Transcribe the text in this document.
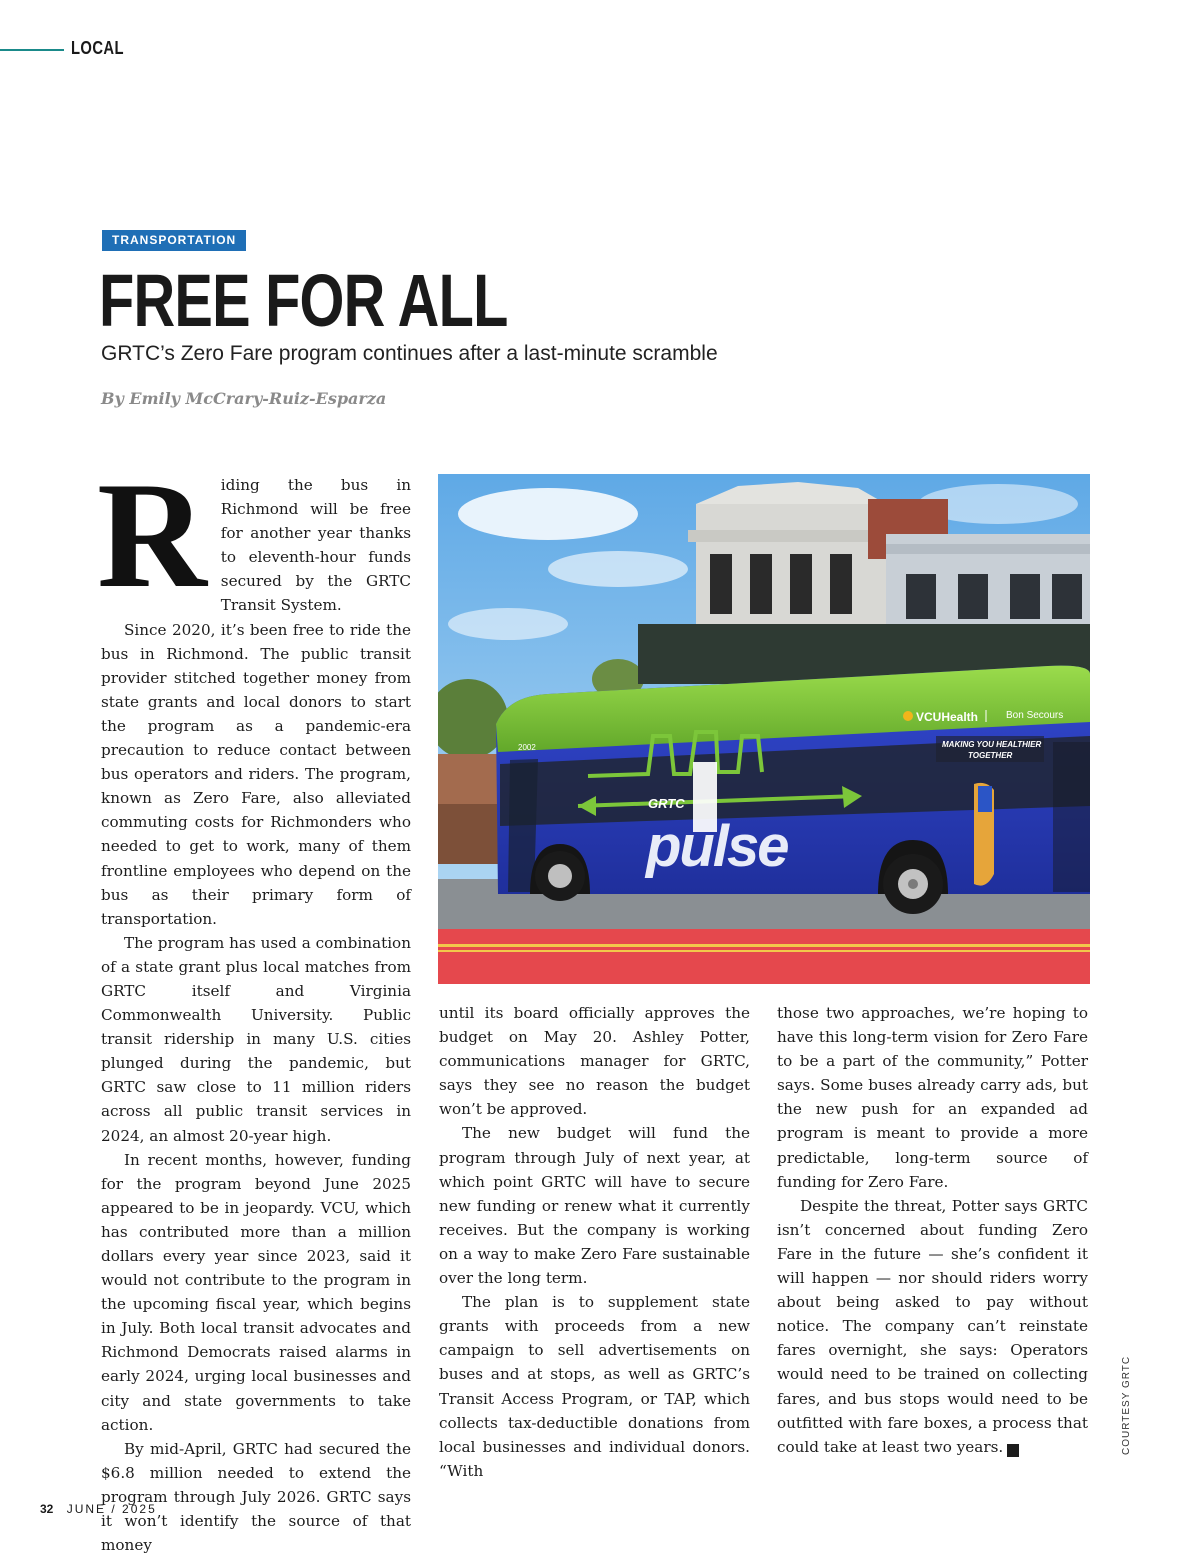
LOCAL
TRANSPORTATION
FREE FOR ALL
GRTC’s Zero Fare program continues after a last-minute scramble
By Emily McCrary-Ruiz-Esparza

Riding the bus in Richmond will be free for another year thanks to eleventh-hour funds secured by the GRTC Transit System.

Since 2020, it’s been free to ride the bus in Richmond. The public transit provider stitched together money from state grants and local donors to start the program as a pandemic-era precaution to reduce contact between bus operators and riders. The program, known as Zero Fare, also alleviated commuting costs for Richmonders who needed to get to work, many of them frontline employees who depend on the bus as their primary form of transportation.

The program has used a combination of a state grant plus local matches from GRTC itself and Virginia Commonwealth University. Public transit ridership in many U.S. cities plunged during the pandemic, but GRTC saw close to 11 million riders across all public transit services in 2024, an almost 20-year high.

In recent months, however, funding for the program beyond June 2025 appeared to be in jeopardy. VCU, which has contributed more than a million dollars every year since 2023, said it would not contribute to the program in the upcoming fiscal year, which begins in July. Both local transit advocates and Richmond Democrats raised alarms in early 2024, urging local businesses and city and state governments to take action.

By mid-April, GRTC had secured the $6.8 million needed to extend the program through July 2026. GRTC says it won’t identify the source of that money

GRTC
pulse
2002
VCUHealth	Bon Secours
MAKING YOU HEALTHIER
TOGETHER

until its board officially approves the budget on May 20. Ashley Potter, communications manager for GRTC, says they see no reason the budget won’t be approved.

The new budget will fund the program through July of next year, at which point GRTC will have to secure new funding or renew what it currently receives. But the company is working on a way to make Zero Fare sustainable over the long term.

The plan is to supplement state grants with proceeds from a new campaign to sell advertisements on buses and at stops, as well as GRTC’s Transit Access Program, or TAP, which collects tax-deductible donations from local businesses and individual donors. “With

those two approaches, we’re hoping to have this long-term vision for Zero Fare to be a part of the community,” Potter says. Some buses already carry ads, but the new push for an expanded ad program is meant to provide a more predictable, long-term source of funding for Zero Fare.

Despite the threat, Potter says GRTC isn’t concerned about funding Zero Fare in the future — she’s confident it will happen — nor should riders worry about being asked to pay without notice. The company can’t reinstate fares overnight, she says: Operators would need to be trained on collecting fares, and bus stops would need to be outfitted with fare boxes, a process that could take at least two years.	R	COURTESY GRTC
32 JUNE / 2025
